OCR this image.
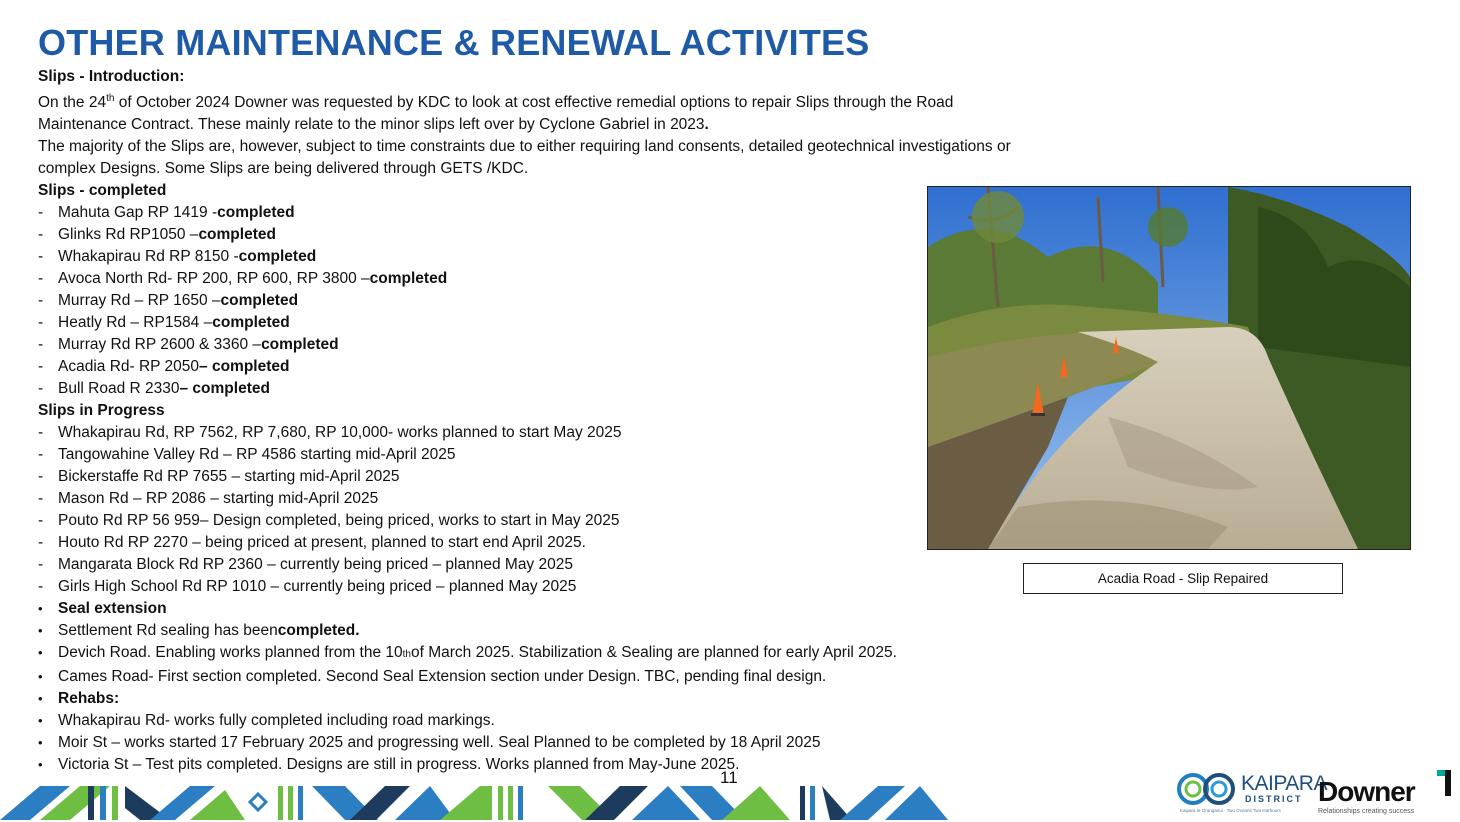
OTHER MAINTENANCE & RENEWAL ACTIVITES

Slips - Introduction:

On the 24th of October 2024 Downer was requested by KDC to look at cost effective remedial options to repair Slips through the Road Maintenance Contract. These mainly relate to the minor slips left over by Cyclone Gabriel in 2023.

The majority of the Slips are, however, subject to time constraints due to either requiring land consents, detailed geotechnical investigations or complex Designs. Some Slips are being delivered through GETS /KDC.

Slips - completed

- Mahuta Gap RP 1419 - completed
- Glinks Rd RP1050 – completed
- Whakapirau Rd RP 8150 - completed
- Avoca North Rd- RP 200, RP 600, RP 3800 – completed
- Murray Rd – RP 1650 – completed
- Heatly Rd – RP1584 – completed
- Murray Rd RP 2600 & 3360 – completed
- Acadia Rd- RP 2050 – completed
- Bull Road R 2330 – completed

Slips in Progress

- Whakapirau Rd, RP 7562, RP 7,680, RP 10,000- works planned to start May 2025
- Tangowahine Valley Rd – RP 4586 starting mid-April 2025
- Bickerstaffe Rd RP 7655 – starting mid-April 2025
- Mason Rd – RP 2086 – starting mid-April 2025
- Pouto Rd RP 56 959– Design completed, being priced, works to start in May 2025
- Houto Rd RP 2270 – being priced at present, planned to start end April 2025.
- Mangarata Block Rd RP 2360 – currently being priced – planned May 2025
- Girls High School Rd RP 1010 – currently being priced – planned May 2025
• Seal extension
• Settlement Rd sealing has been completed.
• Devich Road. Enabling works planned from the 10 th of March 2025. Stabilization & Sealing are planned for early April 2025.
• Cames Road- First section completed. Second Seal Extension section under Design. TBC, pending final design.
• Rehabs:
• Whakapirau Rd- works fully completed including road markings.
• Moir St – works started 17 February 2025 and progressing well. Seal Planned to be completed by 18 April 2025
• Victoria St – Test pits completed. Designs are still in progress. Works planned from May-June 2025.
Acadia Road - Slip Repaired
11	KAIPARA
DISTRICT
Kaipara te Oranganui · Two Oceans Two Harbours
Downer
Relationships creating success
